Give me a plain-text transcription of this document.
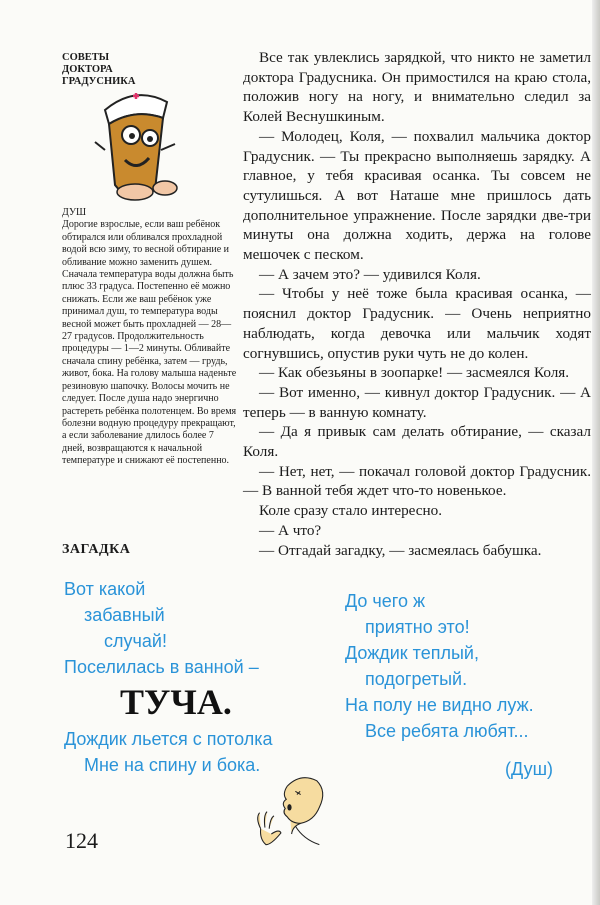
СОВЕТЫ
ДОКТОРА
ГРАДУСНИКА
ДУШ
Дорогие взрослые, если ваш ребёнок обтирался или обливался прохладной водой всю зиму, то весной обтирание и обливание можно заменить душем. Сначала температура воды должна быть плюс 33 градуса. Постепенно её можно снижать. Если же ваш ребёнок уже принимал душ, то температура воды весной может быть прохладней — 28—27 градусов. Продолжительность процедуры — 1—2 минуты. Обливайте сначала спину ребёнка, затем — грудь, живот, бока. На голову малыша наденьте резиновую шапочку. Волосы мочить не следует. После душа надо энергично растереть ребёнка полотенцем. Во время болезни водную процедуру прекращают, а если заболевание длилось более 7 дней, возвращаются к начальной температуре и снижают её постепенно.

Все так увлеклись зарядкой, что никто не заметил доктора Градусника. Он примостился на краю стола, положив ногу на ногу, и внимательно следил за Колей Веснушкиным.

— Молодец, Коля, — похвалил мальчика доктор Градусник. — Ты прекрасно выполняешь зарядку. А главное, у тебя красивая осанка. Ты совсем не сутулишься. А вот Наташе мне пришлось дать дополнительное упражнение. После зарядки две-три минуты она должна ходить, держа на голове мешочек с песком.

— А зачем это? — удивился Коля.

— Чтобы у неё тоже была красивая осанка, — пояснил доктор Градусник. — Очень неприятно наблюдать, когда девочка или мальчик ходят согнувшись, опустив руки чуть не до колен.

— Как обезьяны в зоопарке! — засмеялся Коля.

— Вот именно, — кивнул доктор Градусник. — А теперь — в ванную комнату.

— Да я привык сам делать обтирание, — сказал Коля.

— Нет, нет, — покачал головой доктор Градусник. — В ванной тебя ждет что-то новенькое.

Коле сразу стало интересно.

— А что?

— Отгадай загадку, — засмеялась бабушка.

ЗАГАДКА
Вот какой
забавный
случай!
Поселилась в ванной –
ТУЧА.
Дождик льется с потолка
Мне на спину и бока.
До чего ж
приятно это!
Дождик теплый,
подогретый.
На полу не видно луж.
Все ребята любят...
(Душ)
124
